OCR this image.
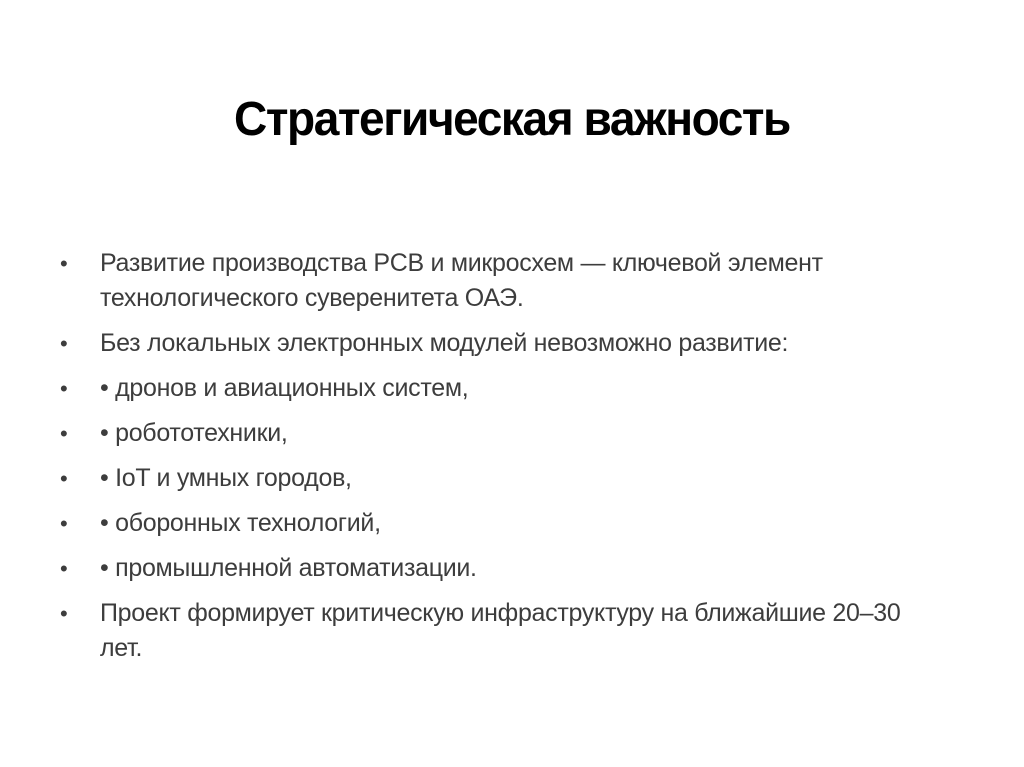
Стратегическая важность
• Развитие производства PCB и микросхем — ключевой элемент технологического суверенитета ОАЭ.
• Без локальных электронных модулей невозможно развитие:
• • дронов и авиационных систем,
• • робототехники,
• • IoT и умных городов,
• • оборонных технологий,
• • промышленной автоматизации.
• Проект формирует критическую инфраструктуру на ближайшие 20–30 лет.
